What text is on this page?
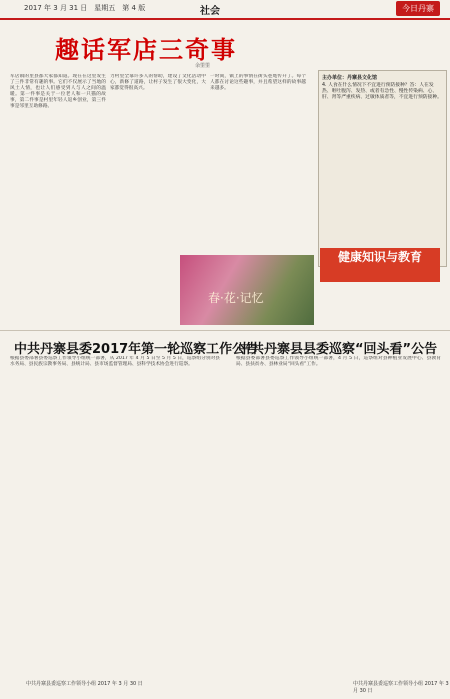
2017 年 3 月 31 日　星期五　第 4 版	社会	今日丹寨
趣话军店三奇事
余里里
军店镇的里县都大家都知道。现在在这里发生了三件非常有趣的事。它们不仅展示了当地的风土人情，也让人们感受到人与人之间的温暖。第一件事是关于一位老人和一只猫的故事，第二件事是村里年轻人返乡创业，第三件事是邻里互助修路。
力村里全靠许多人的帮助，建设了文化活动中心，新修了道路，让村子发生了很大变化，大家都觉得很高兴。
一时间，镇上的事情在街头巷尾传开了。每个人都在讨论这些趣事，并且希望这样的故事越来越多。
主办单位：丹寨县文化馆
4. 人食在什么情况下不宜进行预防接种？答：人在发热、呕吐腹泻、发热、或者有急性、慢性传染病、心、肝、肾等严重疾病、过敏体质者等，不宜进行预防接种。
健康知识与教育
春·花·记忆
中共丹寨县委2017年第一轮巡察工作公告
中共丹寨县县委巡察“回头看”公告
根据县委部署县委巡察工作领导小组统一部署，从 2017 年 4 月 5 日至 5 月 5 日，巡察组分别对县水务局、县民族宗教事务局、县统计局、县市场监督管理局、县科学技术协会进行巡察。
根据县委部署县委巡察工作领导小组统一部署，4 月 5 日，巡察组对县种植业发展中心、县教育局、县扶贫办、县林业局“回头看”工作。
中共丹寨县委巡察工作领导小组 2017 年 3 月 30 日	中共丹寨县委巡察工作领导小组 2017 年 3 月 30 日
